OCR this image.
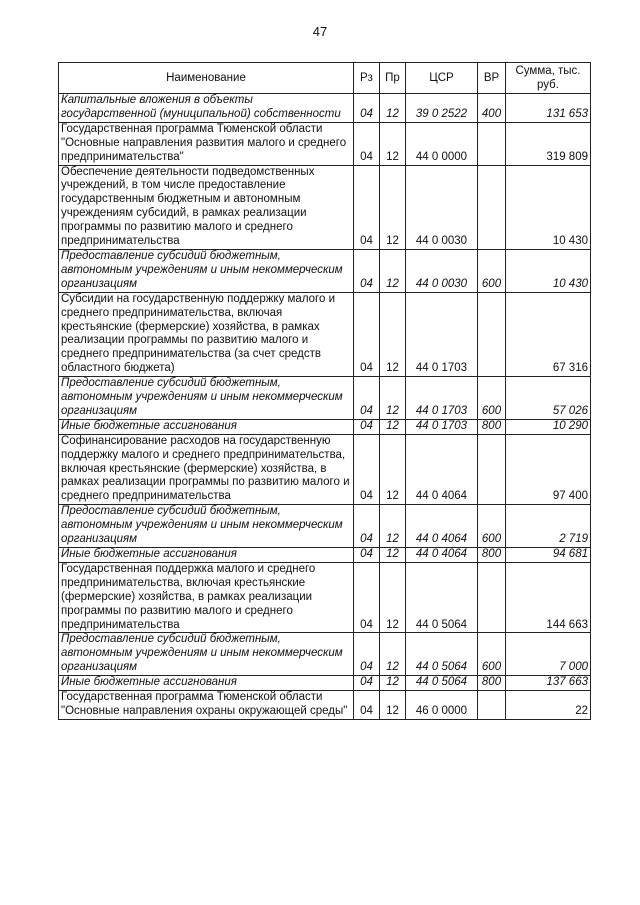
47
Наименование	Рз	Пр	ЦСР	ВР	Сумма, тыс. руб.
Капитальные вложения в объекты государственной (муниципальной) собственности	04	12	39 0 2522	400	131 653
Государственная программа Тюменской области "Основные направления развития малого и среднего предпринимательства"	04	12	44 0 0000		319 809
Обеспечение деятельности подведомственных учреждений, в том числе предоставление государственным бюджетным и автономным учреждениям субсидий, в рамках реализации программы по развитию малого и среднего предпринимательства	04	12	44 0 0030		10 430
Предоставление субсидий бюджетным, автономным учреждениям и иным некоммерческим организациям	04	12	44 0 0030	600	10 430
Субсидии на государственную поддержку малого и среднего предпринимательства, включая крестьянские (фермерские) хозяйства, в рамках реализации программы по развитию малого и среднего предпринимательства (за счет средств областного бюджета)	04	12	44 0 1703		67 316
Предоставление субсидий бюджетным, автономным учреждениям и иным некоммерческим организациям	04	12	44 0 1703	600	57 026
Иные бюджетные ассигнования	04	12	44 0 1703	800	10 290
Софинансирование расходов на государственную поддержку малого и среднего предпринимательства, включая крестьянские (фермерские) хозяйства, в рамках реализации программы по развитию малого и среднего предпринимательства	04	12	44 0 4064		97 400
Предоставление субсидий бюджетным, автономным учреждениям и иным некоммерческим организациям	04	12	44 0 4064	600	2 719
Иные бюджетные ассигнования	04	12	44 0 4064	800	94 681
Государственная поддержка малого и среднего предпринимательства, включая крестьянские (фермерские) хозяйства, в рамках реализации программы по развитию малого и среднего предпринимательства	04	12	44 0 5064		144 663
Предоставление субсидий бюджетным, автономным учреждениям и иным некоммерческим организациям	04	12	44 0 5064	600	7 000
Иные бюджетные ассигнования	04	12	44 0 5064	800	137 663
Государственная программа Тюменской области "Основные направления охраны окружающей среды"	04	12	46 0 0000		22
